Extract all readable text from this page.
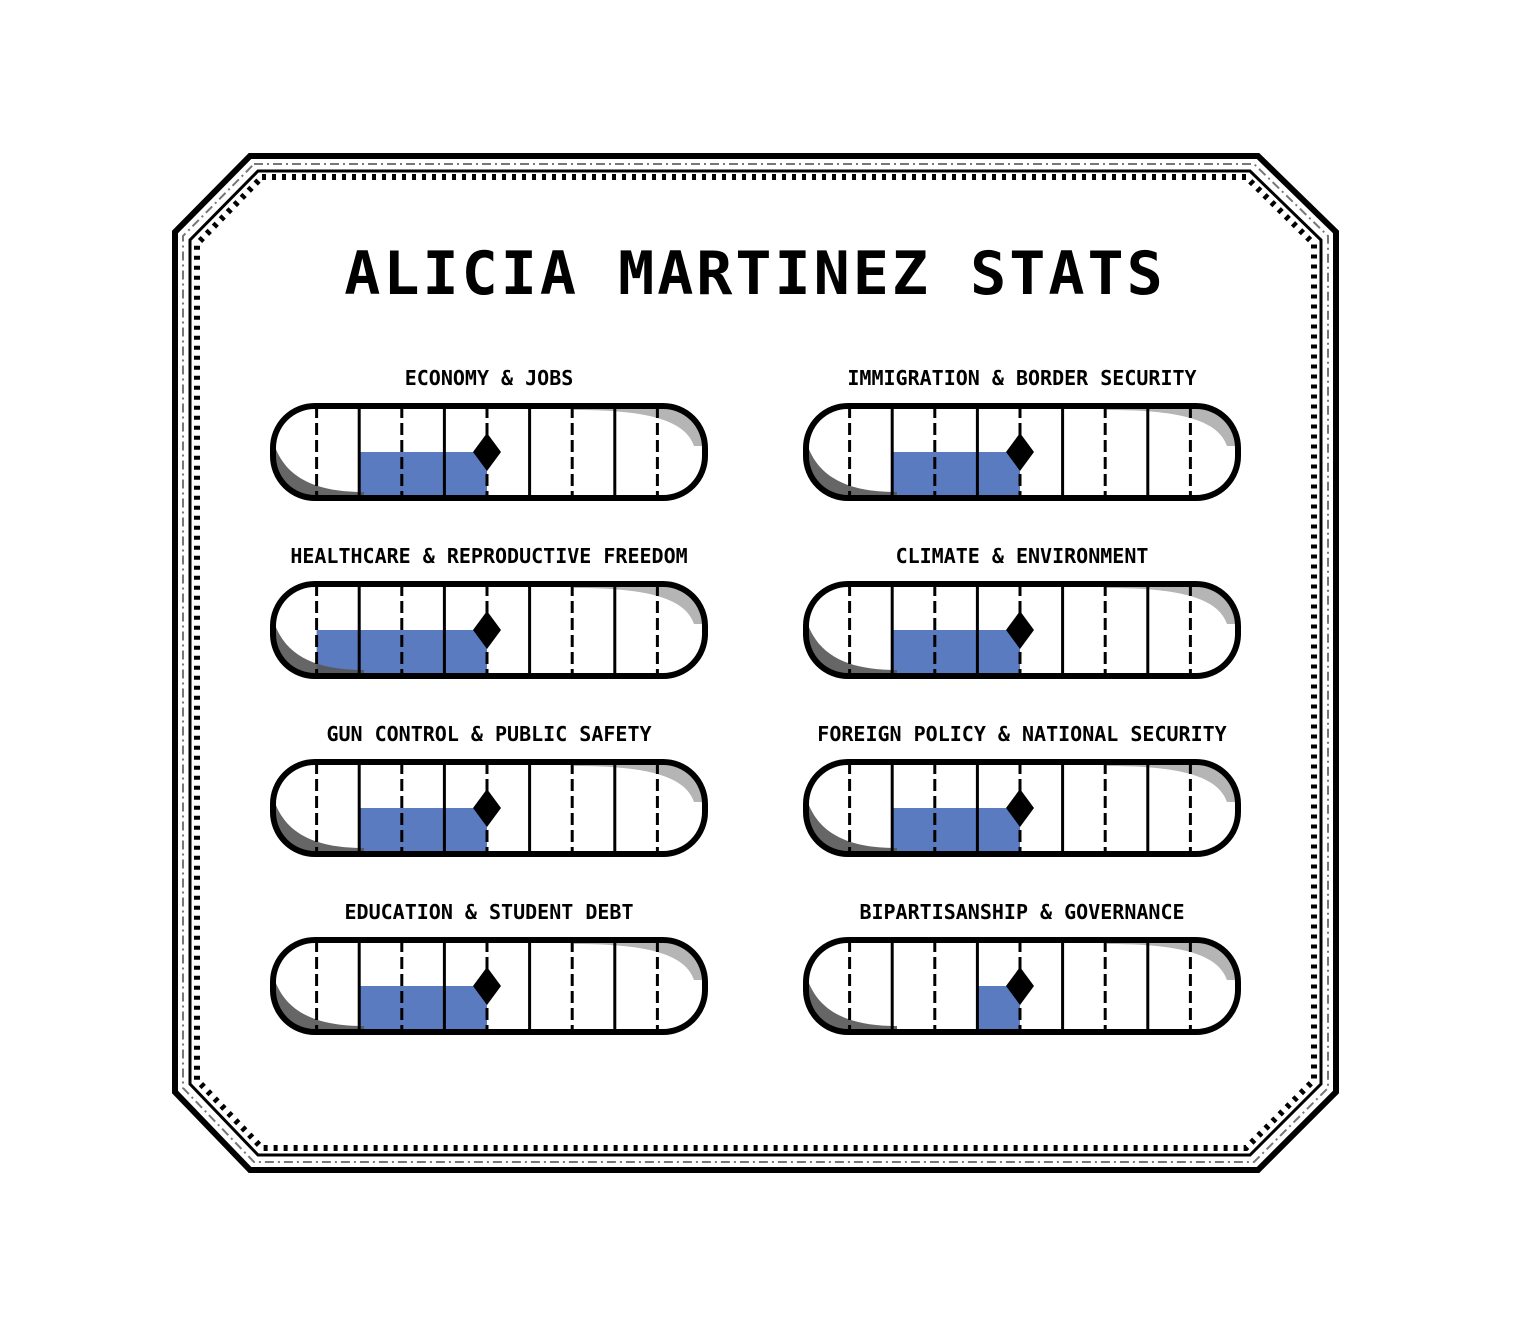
ALICIA MARTINEZ STATS
ECONOMY & JOBS	IMMIGRATION & BORDER SECURITY
HEALTHCARE & REPRODUCTIVE FREEDOM	CLIMATE & ENVIRONMENT
GUN CONTROL & PUBLIC SAFETY	FOREIGN POLICY & NATIONAL SECURITY
EDUCATION & STUDENT DEBT	BIPARTISANSHIP & GOVERNANCE
